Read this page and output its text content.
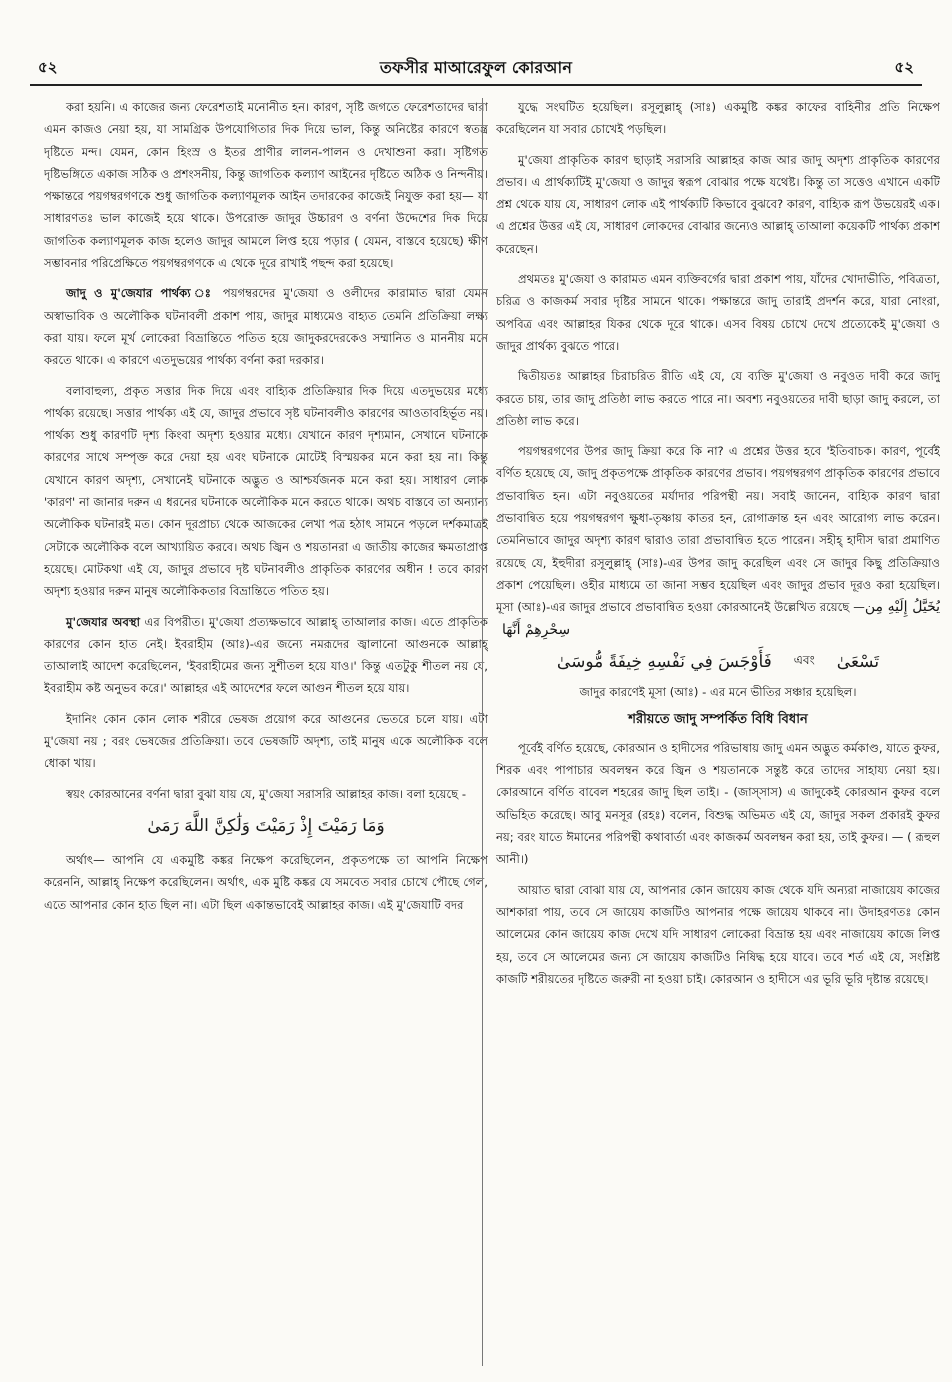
৫২	তফসীর মাআরেফুল কোরআন	৫২

করা হয়নি। এ কাজের জন্য ফেরেশতাই মনোনীত হন। কারণ, সৃষ্টি জগতে ফেরেশতাদের দ্বারা এমন কাজও নেয়া হয়, যা সামগ্রিক উপযোগিতার দিক দিয়ে ভাল, কিন্তু অনিষ্টের কারণে স্বতন্ত্র দৃষ্টিতে মন্দ। যেমন, কোন হিংস্র ও ইতর প্রাণীর লালন-পালন ও দেখাশুনা করা। সৃষ্টিগত দৃষ্টিভঙ্গিতে একাজ সঠিক ও প্রশংসনীয়, কিন্তু জাগতিক কল্যাণ আইনের দৃষ্টিতে অঠিক ও নিন্দনীয়। পক্ষান্তরে পয়গম্বরগণকে শুধু জাগতিক কল্যাণমূলক আইন তদারকের কাজেই নিযুক্ত করা হয়— যা সাধারণতঃ ভাল কাজেই হয়ে থাকে। উপরোক্ত জাদুর উচ্চারণ ও বর্ণনা উদ্দেশের দিক দিয়ে জাগতিক কল্যাণমূলক কাজ হলেও জাদুর আমলে লিপ্ত হয়ে পড়ার ( যেমন, বাস্তবে হয়েছে) ক্ষীণ সম্ভাবনার পরিপ্রেক্ষিতে পয়গম্বরগণকে এ থেকে দূরে রাখাই পছন্দ করা হয়েছে।

জাদু ও মু'জেযার পার্থক্য ঃ পয়গম্বরদের মু'জেযা ও ওলীদের কারামাত দ্বারা যেমন অস্বাভাবিক ও অলৌকিক ঘটনাবলী প্রকাশ পায়, জাদুর মাধ্যমেও বাহ্যত তেমনি প্রতিক্রিয়া লক্ষ্য করা যায়। ফলে মূর্খ লোকেরা বিভ্রান্তিতে পতিত হয়ে জাদুকরদেরকেও সম্মানিত ও মাননীয় মনে করতে থাকে। এ কারণে এতদুভয়ের পার্থক্য বর্ণনা করা দরকার।

বলাবাহুল্য, প্রকৃত সত্তার দিক দিয়ে এবং বাহ্যিক প্রতিক্রিয়ার দিক দিয়ে এতদুভয়ের মধ্যে পার্থক্য রয়েছে। সত্তার পার্থক্য এই যে, জাদুর প্রভাবে সৃষ্ট ঘটনাবলীও কারণের আওতাবহির্ভূত নয়। পার্থক্য শুধু কারণটি দৃশ্য কিংবা অদৃশ্য হওয়ার মধ্যে। যেখানে কারণ দৃশ্যমান, সেখানে ঘটনাকে কারণের সাথে সম্পৃক্ত করে দেয়া হয় এবং ঘটনাকে মোটেই বিস্ময়কর মনে করা হয় না। কিন্তু যেখানে কারণ অদৃশ্য, সেখানেই ঘটনাকে অদ্ভুত ও আশ্চর্যজনক মনে করা হয়। সাধারণ লোক 'কারণ' না জানার দরুন এ ধরনের ঘটনাকে অলৌকিক মনে করতে থাকে। অথচ বাস্তবে তা অন্যান্য অলৌকিক ঘটনারই মত। কোন দূরপ্রাচ্য থেকে আজকের লেখা পত্র হঠাৎ সামনে পড়লে দর্শকমাত্রই সেটাকে অলৌকিক বলে আখ্যায়িত করবে। অথচ জ্বিন ও শয়তানরা এ জাতীয় কাজের ক্ষমতাপ্রাপ্ত হয়েছে। মোটকথা এই যে, জাদুর প্রভাবে দৃষ্ট ঘটনাবলীও প্রাকৃতিক কারণের অধীন ! তবে কারণ অদৃশ্য হওয়ার দরুন মানুষ অলৌকিকতার বিভ্রান্তিতে পতিত হয়।

মু'জেযার অবস্থা এর বিপরীত। মু'জেযা প্রত্যক্ষভাবে আল্লাহ্ তাআলার কাজ। এতে প্রাকৃতিক কারণের কোন হাত নেই। ইবরাহীম (আঃ)-এর জন্যে নমরূদের জ্বালানো আগুনকে আল্লাহ্ তাআলাই আদেশ করেছিলেন, 'ইবরাহীমের জন্য সুশীতল হয়ে যাও।' কিন্তু এতটুকু শীতল নয় যে, ইবরাহীম কষ্ট অনুভব করে।' আল্লাহর এই আদেশের ফলে আগুন শীতল হয়ে যায়।

ইদানিং কোন কোন লোক শরীরে ভেষজ প্রয়োগ করে আগুনের ভেতরে চলে যায়। এটা মু'জেযা নয় ; বরং ভেষজের প্রতিক্রিয়া। তবে ভেষজটি অদৃশ্য, তাই মানুষ একে অলৌকিক বলে ধোকা খায়।

স্বয়ং কোরআনের বর্ণনা দ্বারা বুঝা যায় যে, মু'জেযা সরাসরি আল্লাহর কাজ। বলা হয়েছে -

وَمَا رَمَيْتَ إِذْ رَمَيْتَ وَلَٰكِنَّ اللَّهَ رَمَىٰ

অর্থাৎ— আপনি যে একমুষ্টি কঙ্কর নিক্ষেপ করেছিলেন, প্রকৃতপক্ষে তা আপনি নিক্ষেপ করেননি, আল্লাহ্ নিক্ষেপ করেছিলেন। অর্থাৎ, এক মুষ্টি কঙ্কর যে সমবেত সবার চোখে পৌছে গেল, এতে আপনার কোন হাত ছিল না। এটা ছিল একান্তভাবেই আল্লাহর কাজ। এই মু'জেযাটি বদর

যুদ্ধে সংঘটিত হয়েছিল। রসূলুল্লাহ্ (সাঃ) একমুষ্টি কঙ্কর কাফের বাহিনীর প্রতি নিক্ষেপ করেছিলেন যা সবার চোখেই পড়ছিল।

মু'জেযা প্রাকৃতিক কারণ ছাড়াই সরাসরি আল্লাহর কাজ আর জাদু অদৃশ্য প্রাকৃতিক কারণের প্রভাব। এ প্রার্থক্যটিই মু'জেযা ও জাদুর স্বরূপ বোঝার পক্ষে যথেষ্ট। কিন্তু তা সত্তেও এখানে একটি প্রশ্ন থেকে যায় যে, সাধারণ লোক এই পার্থক্যটি কিভাবে বুঝবে? কারণ, বাহ্যিক রূপ উভয়েরই এক। এ প্রশ্নের উত্তর এই যে, সাধারণ লোকদের বোঝার জন্যেও আল্লাহ্ তাআলা কয়েকটি পার্থক্য প্রকাশ করেছেন।

প্রথমতঃ মু'জেযা ও কারামত এমন ব্যক্তিবর্গের দ্বারা প্রকাশ পায়, যাঁদের খোদাভীতি, পবিত্রতা, চরিত্র ও কাজকর্ম সবার দৃষ্টির সামনে থাকে। পক্ষান্তরে জাদু তারাই প্রদর্শন করে, যারা নোংরা, অপবিত্র এবং আল্লাহর যিকর থেকে দূরে থাকে। এসব বিষয় চোখে দেখে প্রত্যেকেই মু'জেযা ও জাদুর প্রার্থক্য বুঝতে পারে।

দ্বিতীয়তঃ আল্লাহর চিরাচরিত রীতি এই যে, যে ব্যক্তি মু'জেযা ও নবুওত দাবী করে জাদু করতে চায়, তার জাদু প্রতিষ্ঠা লাভ করতে পারে না। অবশ্য নবুওয়তের দাবী ছাড়া জাদু করলে, তা প্রতিষ্ঠা লাভ করে।

পয়গম্বরগণের উপর জাদু ক্রিয়া করে কি না? এ প্রশ্নের উত্তর হবে 'ইতিবাচক। কারণ, পূর্বেই বর্ণিত হয়েছে যে, জাদু প্রকৃতপক্ষে প্রাকৃতিক কারণের প্রভাব। পয়গম্বরগণ প্রাকৃতিক কারণের প্রভাবে প্রভাবান্বিত হন। এটা নবুওয়তের মর্যাদার পরিপন্থী নয়। সবাই জানেন, বাহ্যিক কারণ দ্বারা প্রভাবান্বিত হয়ে পয়গম্বরগণ ক্ষুধা-তৃষ্ণায় কাতর হন, রোগাক্রান্ত হন এবং আরোগ্য লাভ করেন। তেমনিভাবে জাদুর অদৃশ্য কারণ দ্বারাও তারা প্রভাবান্বিত হতে পারেন। সহীহ্ হাদীস দ্বারা প্রমাণিত রয়েছে যে, ইহুদীরা রসূলুল্লাহ্ (সাঃ)-এর উপর জাদু করেছিল এবং সে জাদুর কিছু প্রতিক্রিয়াও প্রকাশ পেয়েছিল। ওহীর মাধ্যমে তা জানা সম্ভব হয়েছিল এবং জাদুর প্রভাব দূরও করা হয়েছিল। মূসা (আঃ)-এর জাদুর প্রভাবে প্রভাবান্বিত হওয়া কোরআনেই উল্লেখিত রয়েছে —يُخَيَّلُ إِلَيْهِ مِن سِحْرِهِمْ أَنَّهَا

فَأَوْجَسَ فِي نَفْسِهِ خِيفَةً مُّوسَىٰ এবং تَسْعَىٰ
জাদুর কারণেই মূসা (আঃ) - এর মনে ভীতির সঞ্চার হয়েছিল।
শরীয়তে জাদু সম্পর্কিত বিধি বিধান

পূর্বেই বর্ণিত হয়েছে, কোরআন ও হাদীসের পরিভাষায় জাদু এমন অদ্ভুত কর্মকাণ্ড, যাতে কুফর, শিরক এবং পাপাচার অবলম্বন করে জ্বিন ও শয়তানকে সন্তুষ্ট করে তাদের সাহায্য নেয়া হয়। কোরআনে বর্ণিত বাবেল শহরের জাদু ছিল তাই। - (জাস্সাস) এ জাদুকেই কোরআন কুফর বলে অভিহিত করেছে। আবু মনসূর (রহঃ) বলেন, বিশুদ্ধ অভিমত এই যে, জাদুর সকল প্রকারই কুফর নয়; বরং যাতে ঈমানের পরিপন্থী কথাবার্তা এবং কাজকর্ম অবলম্বন করা হয়, তাই কুফর। — ( রূহুল আনী।)

আয়াত দ্বারা বোঝা যায় যে, আপনার কোন জায়েয কাজ থেকে যদি অন্যরা নাজায়েয কাজের আশকারা পায়, তবে সে জায়েয কাজটিও আপনার পক্ষে জায়েয থাকবে না। উদাহরণতঃ কোন আলেমের কোন জায়েয কাজ দেখে যদি সাধারণ লোকেরা বিভ্রান্ত হয় এবং নাজায়েয কাজে লিপ্ত হয়, তবে সে আলেমের জন্য সে জায়েয কাজটিও নিষিদ্ধ হয়ে যাবে। তবে শর্ত এই যে, সংশ্লিষ্ট কাজটি শরীয়তের দৃষ্টিতে জরুরী না হওয়া চাই। কোরআন ও হাদীসে এর ভূরি ভূরি দৃষ্টান্ত রয়েছে।
